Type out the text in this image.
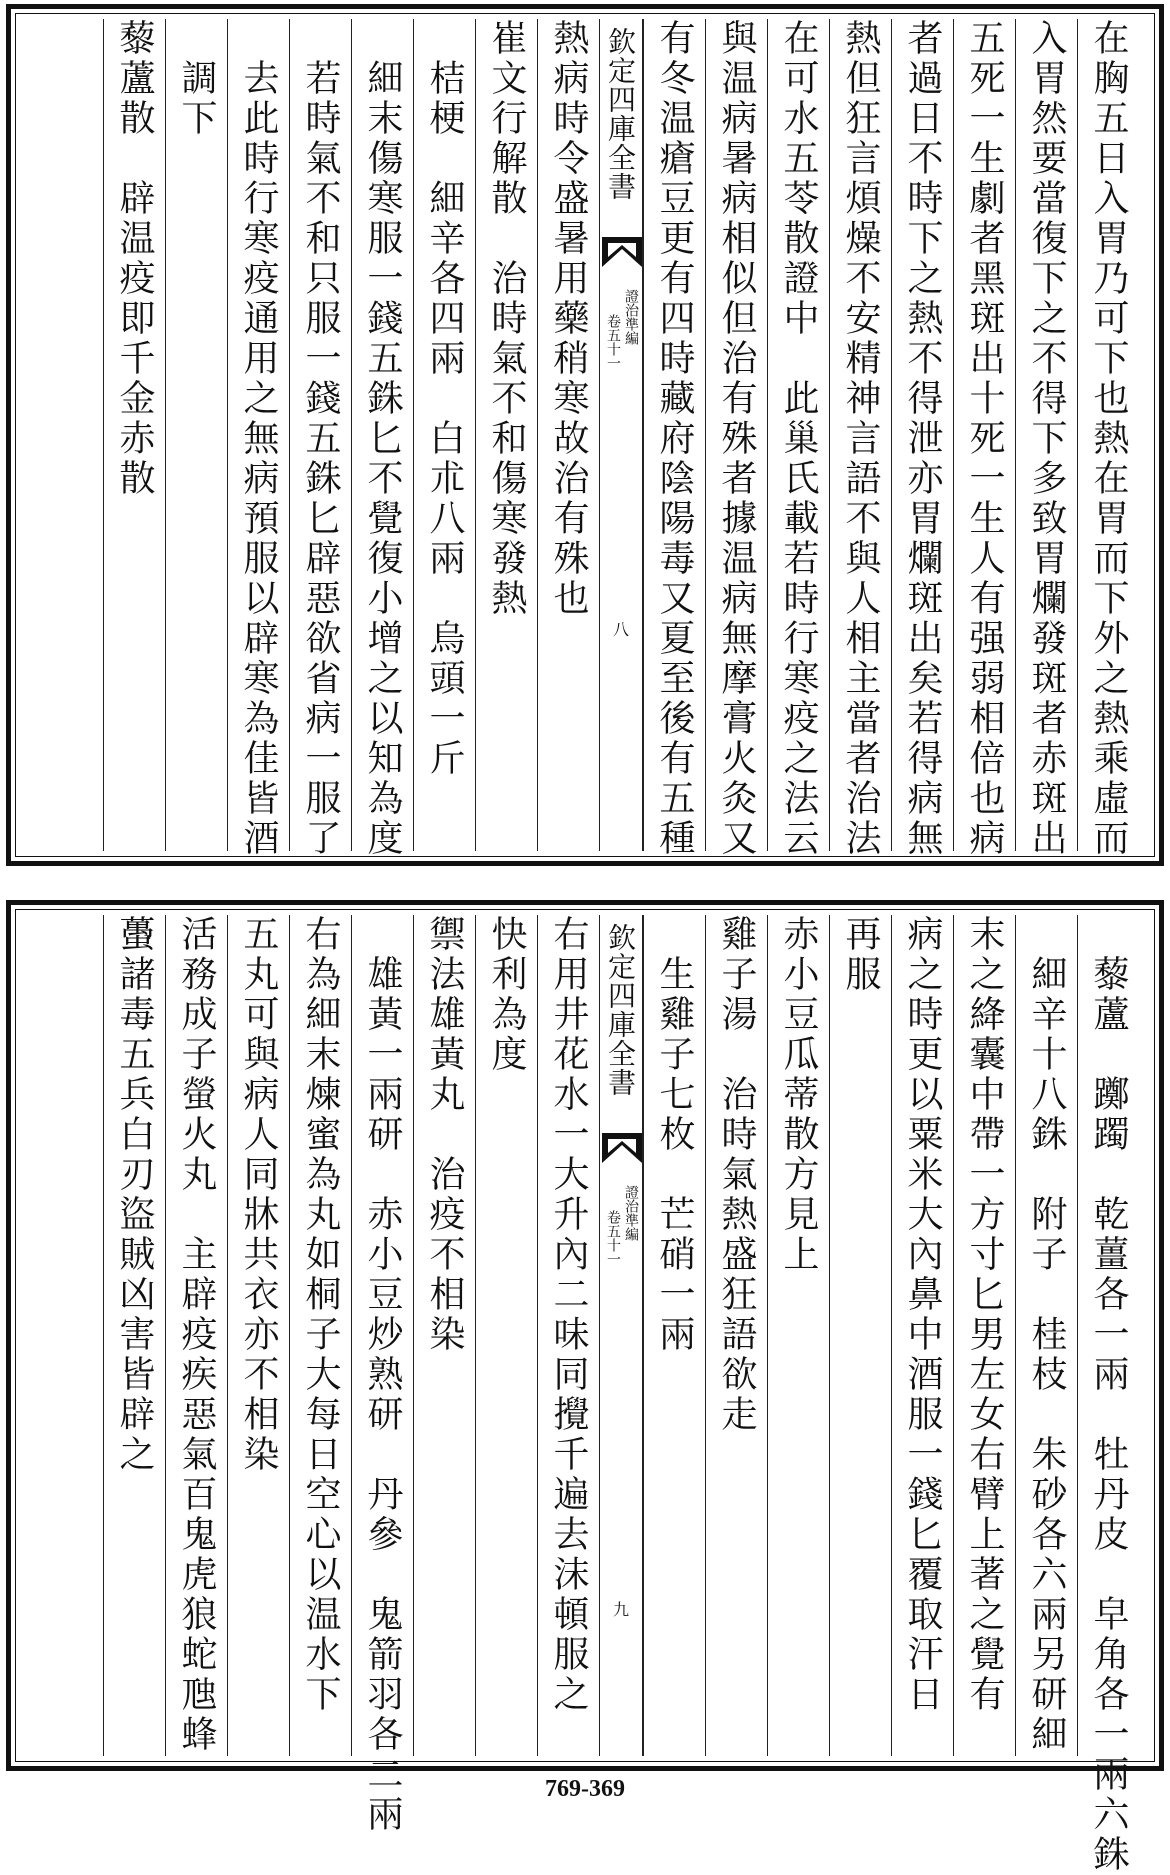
在胸五日入胃乃可下也熱在胃而下外之熱乘虛而
入胃然要當復下之不得下多致胃爛發斑者赤斑出
五死一生劇者黑斑出十死一生人有强弱相倍也病
者過日不時下之熱不得泄亦胃爛斑出矣若得病無
熱但狂言煩燥不安精神言語不與人相主當者治法
在可水五苓散證中　此巢氏載若時行寒疫之法云
與温病暑病相似但治有殊者據温病無摩膏火灸又
有冬温瘡豆更有四時藏府陰陽毒又夏至後有五種
欽定四庫全書
證治準編
卷五十一
八
熱病時令盛暑用藥稍寒故治有殊也
崔文行解散　治時氣不和傷寒發熱
　桔梗　細辛各四兩　白朮八兩　烏頭一斤
　細末傷寒服一錢五銖匕不覺復小增之以知為度
　若時氣不和只服一錢五銖匕辟惡欲省病一服了
　去此時行寒疫通用之無病預服以辟寒為佳皆酒
　調下
藜蘆散　辟温疫即千金赤散
　藜蘆　躑躅　乾薑各一兩　牡丹皮　皁角各一兩六銖
　細辛十八銖　附子　桂枝　朱砂各六兩另研細
末之絳囊中帶一方寸匕男左女右臂上著之覺有
病之時更以粟米大內鼻中酒服一錢匕覆取汗日
再服
赤小豆瓜蒂散方見上
雞子湯　治時氣熱盛狂語欲走
　生雞子七枚　芒硝一兩
欽定四庫全書
證治準編
卷五十一
九
右用井花水一大升內二味同攪千遍去沫頓服之
快利為度
禦法雄黃丸　治疫不相染
　雄黃一兩研　赤小豆炒熟研　丹參　鬼箭羽各二兩
右為細末煉蜜為丸如桐子大每日空心以温水下
五丸可與病人同牀共衣亦不相染
活務成子螢火丸　主辟疫疾惡氣百鬼虎狼蛇虺蜂
蠆諸毒五兵白刃盜賊凶害皆辟之
769-369
